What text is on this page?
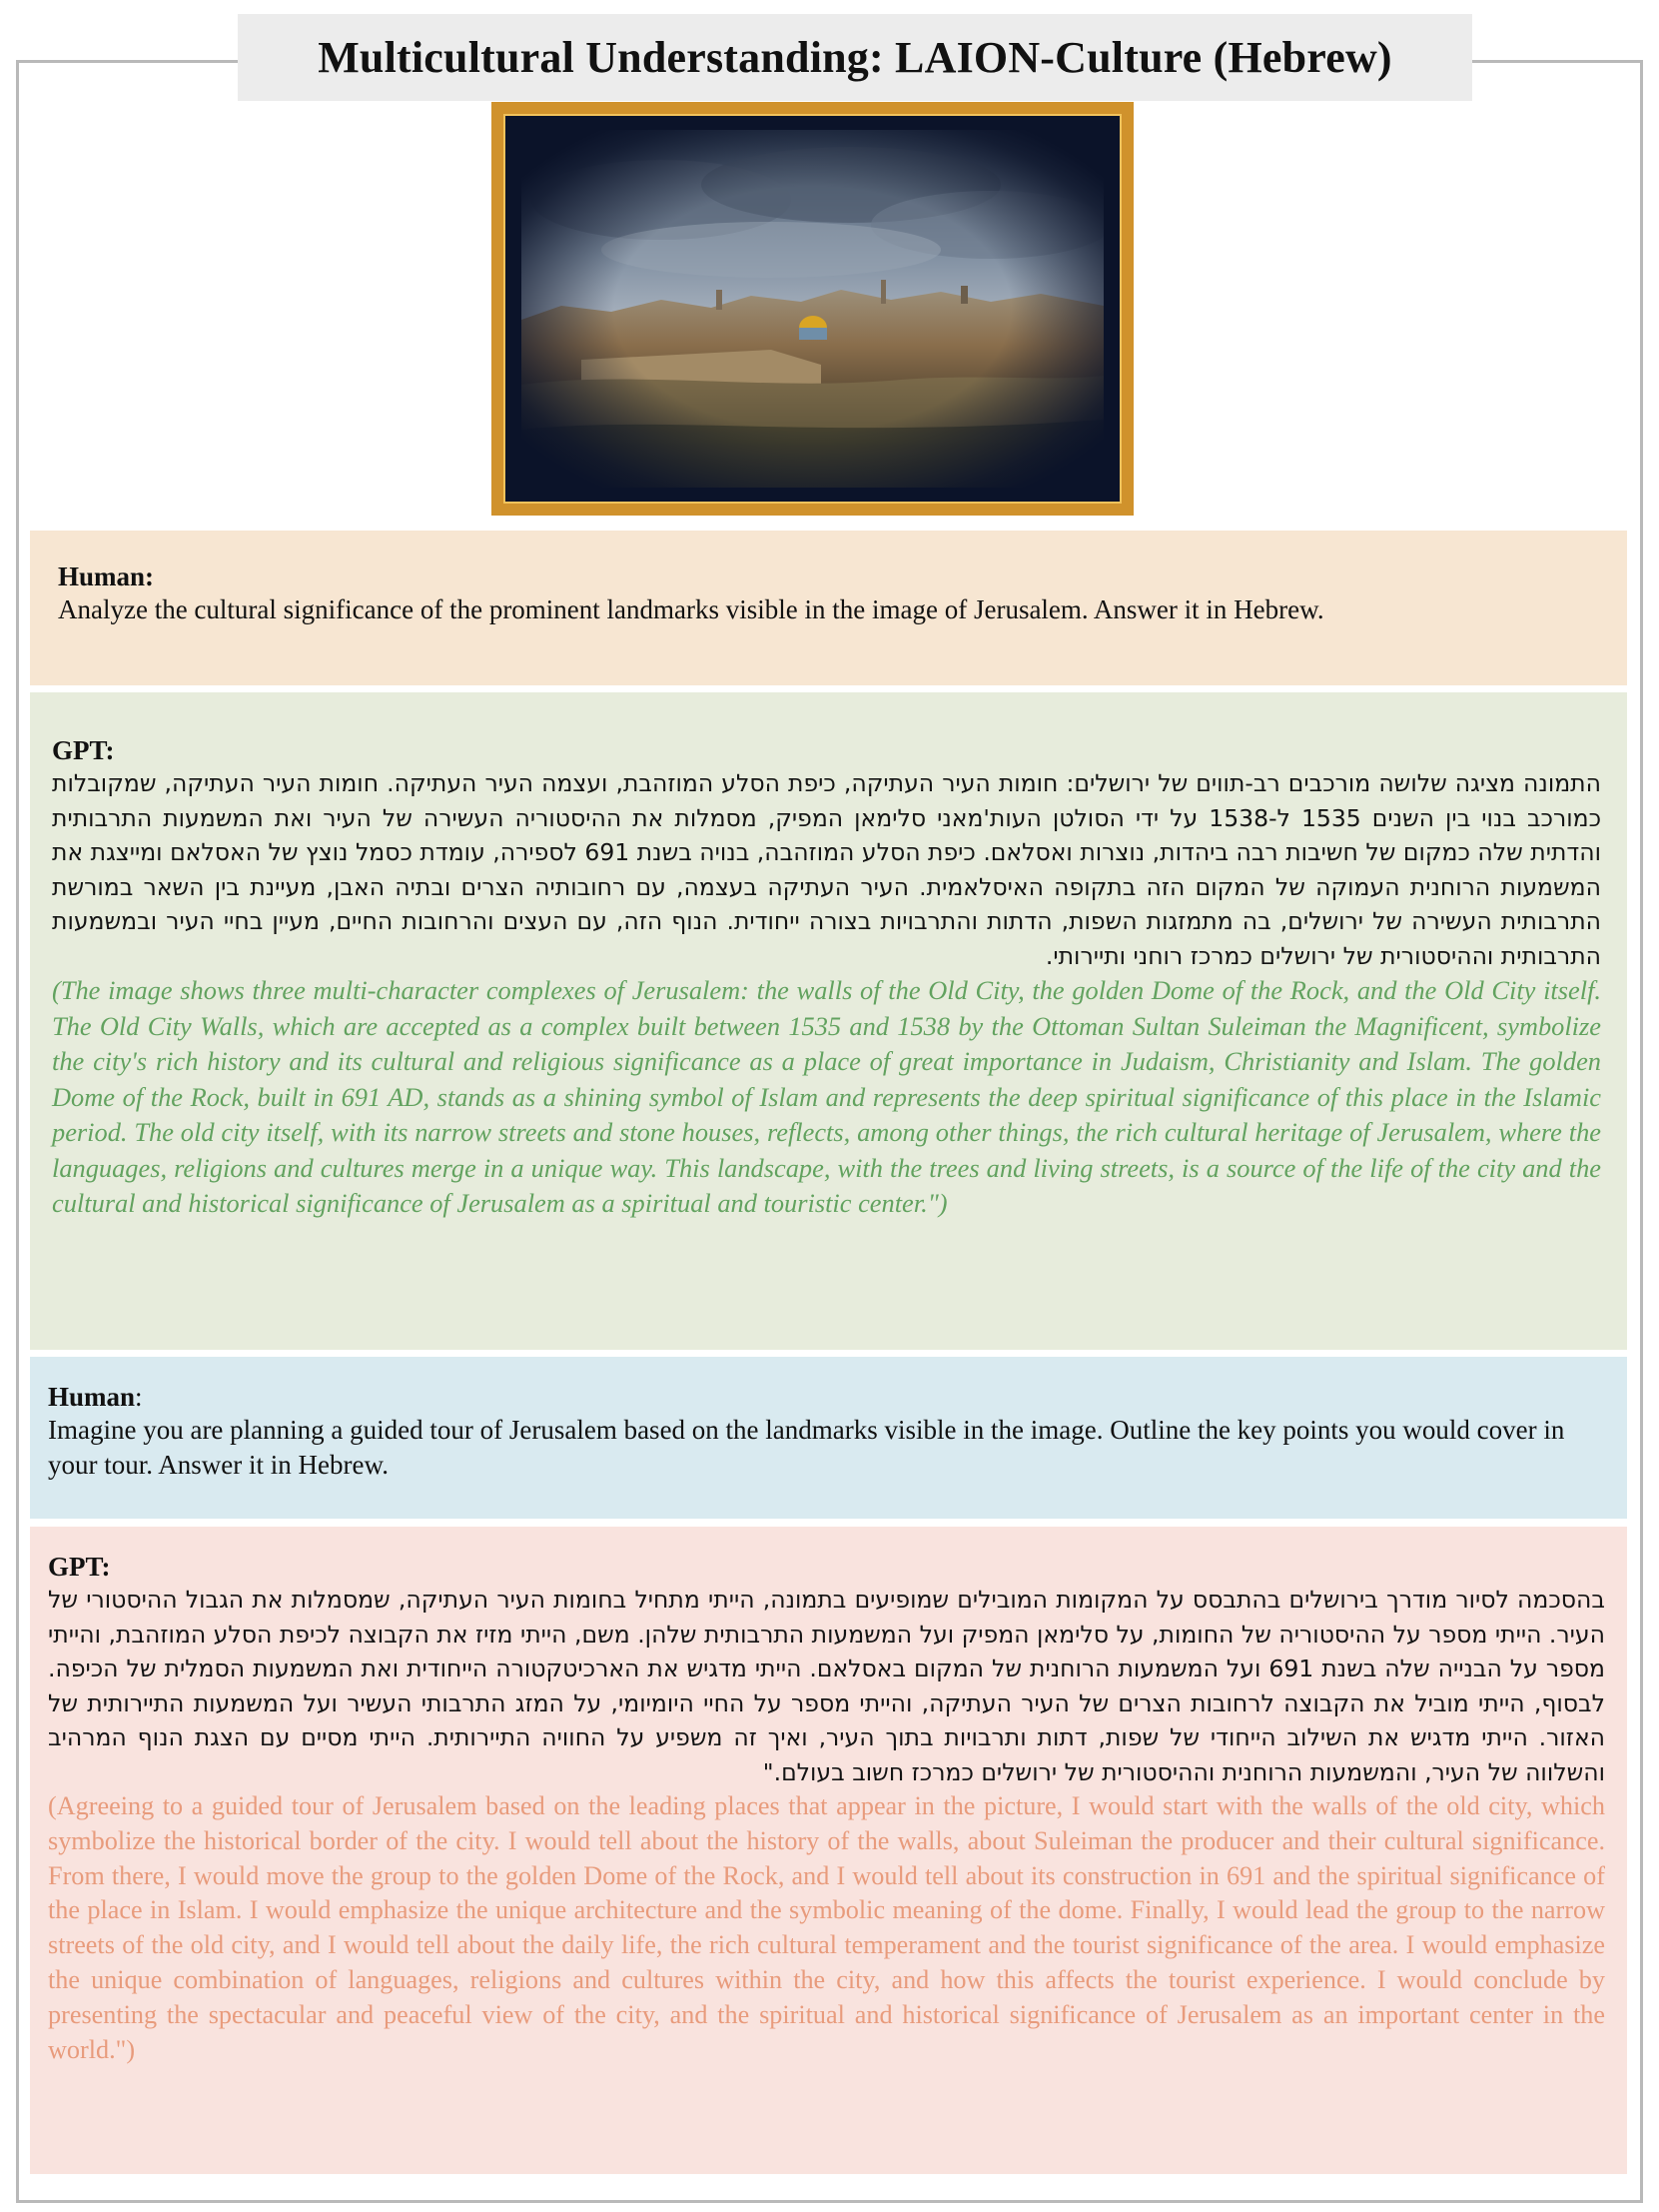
Multicultural Understanding: LAION-Culture (Hebrew)
Human:
Analyze the cultural significance of the prominent landmarks visible in the image of Jerusalem. Answer it in Hebrew.
GPT:
התמונה מציגה שלושה מורכבים רב-תווים של ירושלים: חומות העיר העתיקה, כיפת הסלע המוזהבת, ועצמה העיר העתיקה. חומות העיר העתיקה, שמקובלות כמורכב בנוי בין השנים 1535 ל-1538 על ידי הסולטן העות'מאני סלימאן המפיק, מסמלות את ההיסטוריה העשירה של העיר ואת המשמעות התרבותית והדתית שלה כמקום של חשיבות רבה ביהדות, נוצרות ואסלאם. כיפת הסלע המוזהבה, בנויה בשנת 691 לספירה, עומדת כסמל נוצץ של האסלאם ומייצגת את המשמעות הרוחנית העמוקה של המקום הזה בתקופה האיסלאמית. העיר העתיקה בעצמה, עם רחובותיה הצרים ובתיה האבן, מעיינת בין השאר במורשת התרבותית העשירה של ירושלים, בה מתמזגות השפות, הדתות והתרבויות בצורה ייחודית. הנוף הזה, עם העצים והרחובות החיים, מעיין בחיי העיר ובמשמעות התרבותית וההיסטורית של ירושלים כמרכז רוחני ותיירותי.
(The image shows three multi-character complexes of Jerusalem: the walls of the Old City, the golden Dome of the Rock, and the Old City itself. The Old City Walls, which are accepted as a complex built between 1535 and 1538 by the Ottoman Sultan Suleiman the Magnificent, symbolize the city's rich history and its cultural and religious significance as a place of great importance in Judaism, Christianity and Islam. The golden Dome of the Rock, built in 691 AD, stands as a shining symbol of Islam and represents the deep spiritual significance of this place in the Islamic period. The old city itself, with its narrow streets and stone houses, reflects, among other things, the rich cultural heritage of Jerusalem, where the languages, religions and cultures merge in a unique way. This landscape, with the trees and living streets, is a source of the life of the city and the cultural and historical significance of Jerusalem as a spiritual and touristic center.")
Human:
Imagine you are planning a guided tour of Jerusalem based on the landmarks visible in the image. Outline the key points you would cover in your tour. Answer it in Hebrew.
GPT:
בהסכמה לסיור מודרך בירושלים בהתבסס על המקומות המובילים שמופיעים בתמונה, הייתי מתחיל בחומות העיר העתיקה, שמסמלות את הגבול ההיסטורי של העיר. הייתי מספר על ההיסטוריה של החומות, על סלימאן המפיק ועל המשמעות התרבותית שלהן. משם, הייתי מזיז את הקבוצה לכיפת הסלע המוזהבת, והייתי מספר על הבנייה שלה בשנת 691 ועל המשמעות הרוחנית של המקום באסלאם. הייתי מדגיש את הארכיטקטורה הייחודית ואת המשמעות הסמלית של הכיפה. לבסוף, הייתי מוביל את הקבוצה לרחובות הצרים של העיר העתיקה, והייתי מספר על החיי היומיומי, על המזג התרבותי העשיר ועל המשמעות התיירותית של האזור. הייתי מדגיש את השילוב הייחודי של שפות, דתות ותרבויות בתוך העיר, ואיך זה משפיע על החוויה התיירותית. הייתי מסיים עם הצגת הנוף המרהיב והשלווה של העיר, והמשמעות הרוחנית וההיסטורית של ירושלים כמרכז חשוב בעולם."
(Agreeing to a guided tour of Jerusalem based on the leading places that appear in the picture, I would start with the walls of the old city, which symbolize the historical border of the city. I would tell about the history of the walls, about Suleiman the producer and their cultural significance. From there, I would move the group to the golden Dome of the Rock, and I would tell about its construction in 691 and the spiritual significance of the place in Islam. I would emphasize the unique architecture and the symbolic meaning of the dome. Finally, I would lead the group to the narrow streets of the old city, and I would tell about the daily life, the rich cultural temperament and the tourist significance of the area. I would emphasize the unique combination of languages, religions and cultures within the city, and how this affects the tourist experience. I would conclude by presenting the spectacular and peaceful view of the city, and the spiritual and historical significance of Jerusalem as an important center in the world.")
